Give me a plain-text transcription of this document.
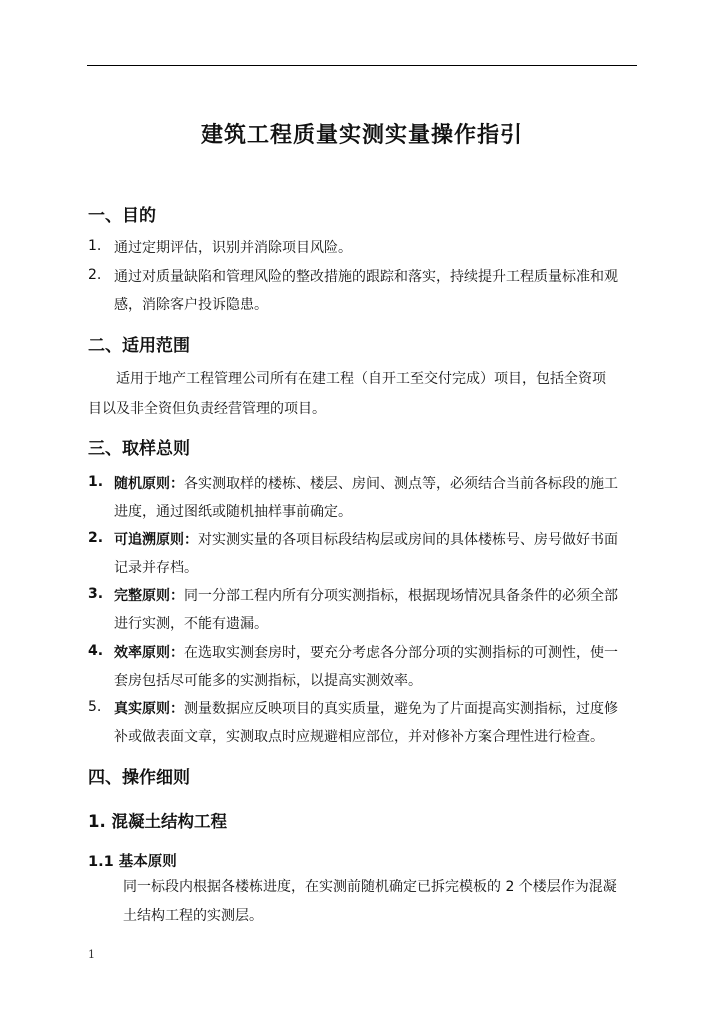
建筑工程质量实测实量操作指引
一、目的
1. 通过定期评估，识别并消除项目风险。
2. 通过对质量缺陷和管理风险的整改措施的跟踪和落实，持续提升工程质量标准和观
感，消除客户投诉隐患。
二、适用范围
适用于地产工程管理公司所有在建工程（自开工至交付完成）项目，包括全资项
目以及非全资但负责经营管理的项目。
三、取样总则
1. 随机原则：各实测取样的楼栋、楼层、房间、测点等，必须结合当前各标段的施工
进度，通过图纸或随机抽样事前确定。
2. 可追溯原则：对实测实量的各项目标段结构层或房间的具体楼栋号、房号做好书面
记录并存档。
3. 完整原则：同一分部工程内所有分项实测指标，根据现场情况具备条件的必须全部
进行实测，不能有遗漏。
4. 效率原则：在选取实测套房时，要充分考虑各分部分项的实测指标的可测性，使一
套房包括尽可能多的实测指标，以提高实测效率。
5. 真实原则：测量数据应反映项目的真实质量，避免为了片面提高实测指标，过度修
补或做表面文章，实测取点时应规避相应部位，并对修补方案合理性进行检查。
四、操作细则
1. 混凝土结构工程
1.1 基本原则
同一标段内根据各楼栋进度，在实测前随机确定已拆完模板的 2 个楼层作为混凝
土结构工程的实测层。
1
